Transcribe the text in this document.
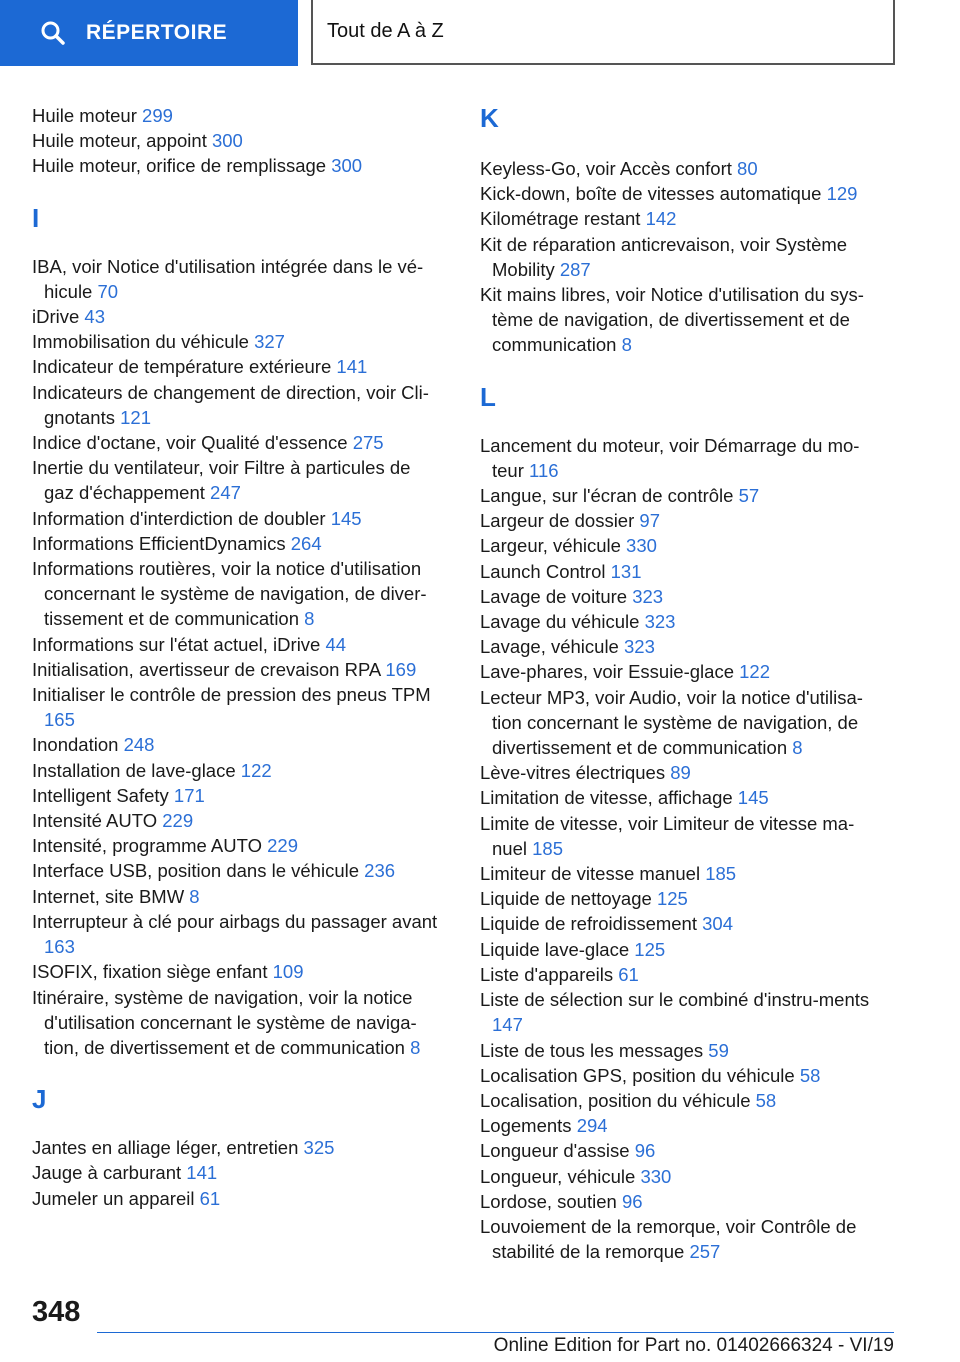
RÉPERTOIRE	Tout de A à Z
Huile moteur 299
Huile moteur, appoint 300
Huile moteur, orifice de remplissage 300
I
IBA, voir Notice d'utilisation intégrée dans le vé-hicule 70
iDrive 43
Immobilisation du véhicule 327
Indicateur de température extérieure 141
Indicateurs de changement de direction, voir Cli-gnotants 121
Indice d'octane, voir Qualité d'essence 275
Inertie du ventilateur, voir Filtre à particules de gaz d'échappement 247
Information d'interdiction de doubler 145
Informations EfficientDynamics 264
Informations routières, voir la notice d'utilisation concernant le système de navigation, de diver-tissement et de communication 8
Informations sur l'état actuel, iDrive 44
Initialisation, avertisseur de crevaison RPA 169
Initialiser le contrôle de pression des pneus TPM 165
Inondation 248
Installation de lave-glace 122
Intelligent Safety 171
Intensité AUTO 229
Intensité, programme AUTO 229
Interface USB, position dans le véhicule 236
Internet, site BMW 8
Interrupteur à clé pour airbags du passager avant 163
ISOFIX, fixation siège enfant 109
Itinéraire, système de navigation, voir la notice d'utilisation concernant le système de naviga-tion, de divertissement et de communication 8
J
Jantes en alliage léger, entretien 325
Jauge à carburant 141
Jumeler un appareil 61
K
Keyless-Go, voir Accès confort 80
Kick-down, boîte de vitesses automatique 129
Kilométrage restant 142
Kit de réparation anticrevaison, voir Système Mobility 287
Kit mains libres, voir Notice d'utilisation du sys-tème de navigation, de divertissement et de communication 8
L
Lancement du moteur, voir Démarrage du mo-teur 116
Langue, sur l'écran de contrôle 57
Largeur de dossier 97
Largeur, véhicule 330
Launch Control 131
Lavage de voiture 323
Lavage du véhicule 323
Lavage, véhicule 323
Lave-phares, voir Essuie-glace 122
Lecteur MP3, voir Audio, voir la notice d'utilisa-tion concernant le système de navigation, de divertissement et de communication 8
Lève-vitres électriques 89
Limitation de vitesse, affichage 145
Limite de vitesse, voir Limiteur de vitesse ma-nuel 185
Limiteur de vitesse manuel 185
Liquide de nettoyage 125
Liquide de refroidissement 304
Liquide lave-glace 125
Liste d'appareils 61
Liste de sélection sur le combiné d'instru-ments 147
Liste de tous les messages 59
Localisation GPS, position du véhicule 58
Localisation, position du véhicule 58
Logements 294
Longueur d'assise 96
Longueur, véhicule 330
Lordose, soutien 96
Louvoiement de la remorque, voir Contrôle de stabilité de la remorque 257
348
Online Edition for Part no. 01402666324 - VI/19
